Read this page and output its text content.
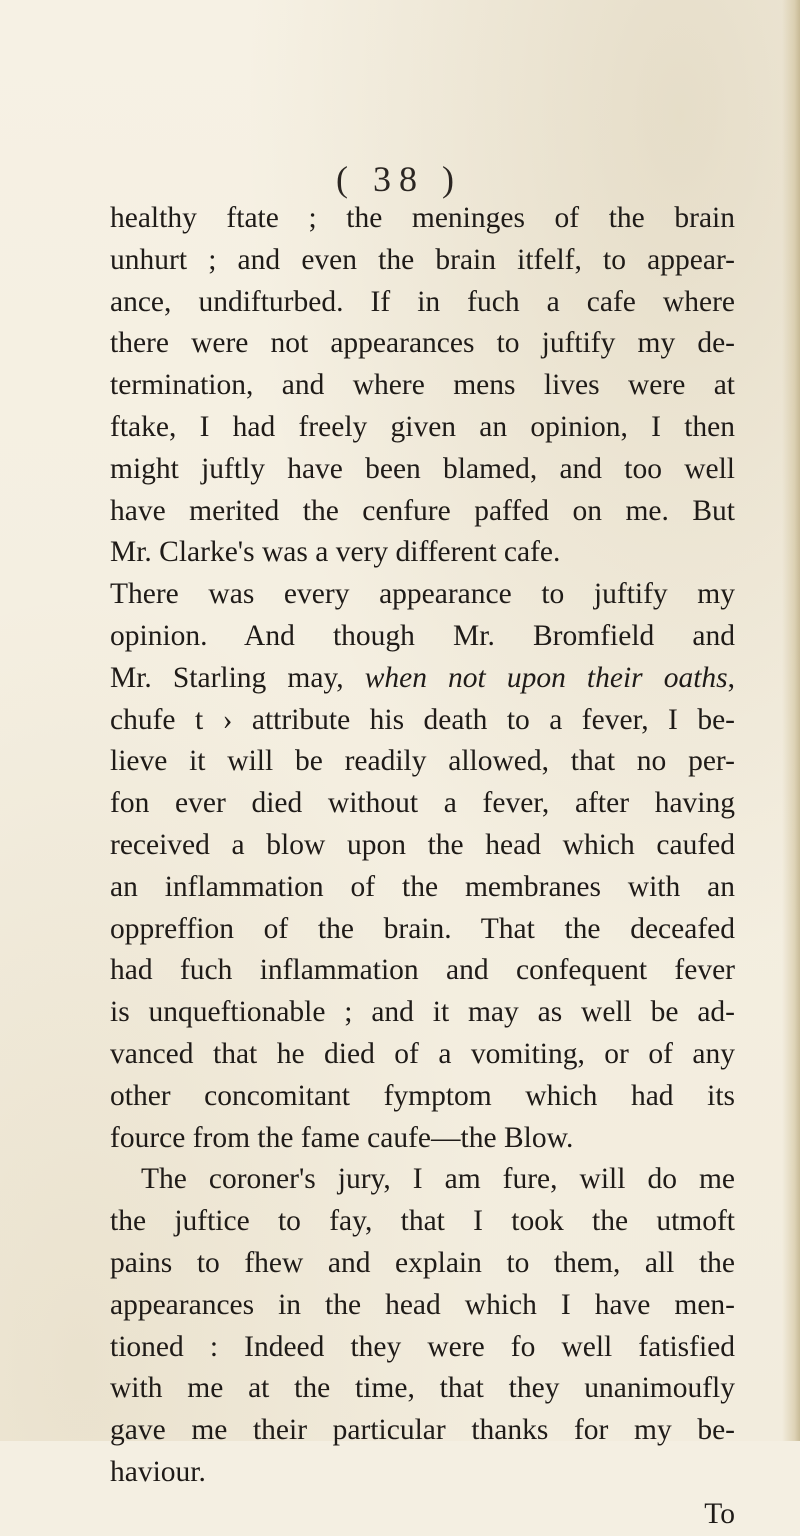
( 38 )
healthy ftate ; the meninges of the brain
unhurt ; and even the brain itfelf, to appear-
ance, undifturbed. If in fuch a cafe where
there were not appearances to juftify my de-
termination, and where mens lives were at
ftake, I had freely given an opinion, I then
might juftly have been blamed, and too well
have merited the cenfure paffed on me. But
Mr. Clarke's was a very different cafe.
There was every appearance to juftify my
opinion. And though Mr. Bromfield and
Mr. Starling may, when not upon their oaths,
chufe t › attribute his death to a fever, I be-
lieve it will be readily allowed, that no per-
fon ever died without a fever, after having
received a blow upon the head which caufed
an inflammation of the membranes with an
oppreffion of the brain. That the deceafed
had fuch inflammation and confequent fever
is unqueftionable ; and it may as well be ad-
vanced that he died of a vomiting, or of any
other concomitant fymptom which had its
fource from the fame caufe—the Blow.
The coroner's jury, I am fure, will do me
the juftice to fay, that I took the utmoft
pains to fhew and explain to them, all the
appearances in the head which I have men-
tioned : Indeed they were fo well fatisfied
with me at the time, that they unanimoufly
gave me their particular thanks for my be-
haviour.
To
